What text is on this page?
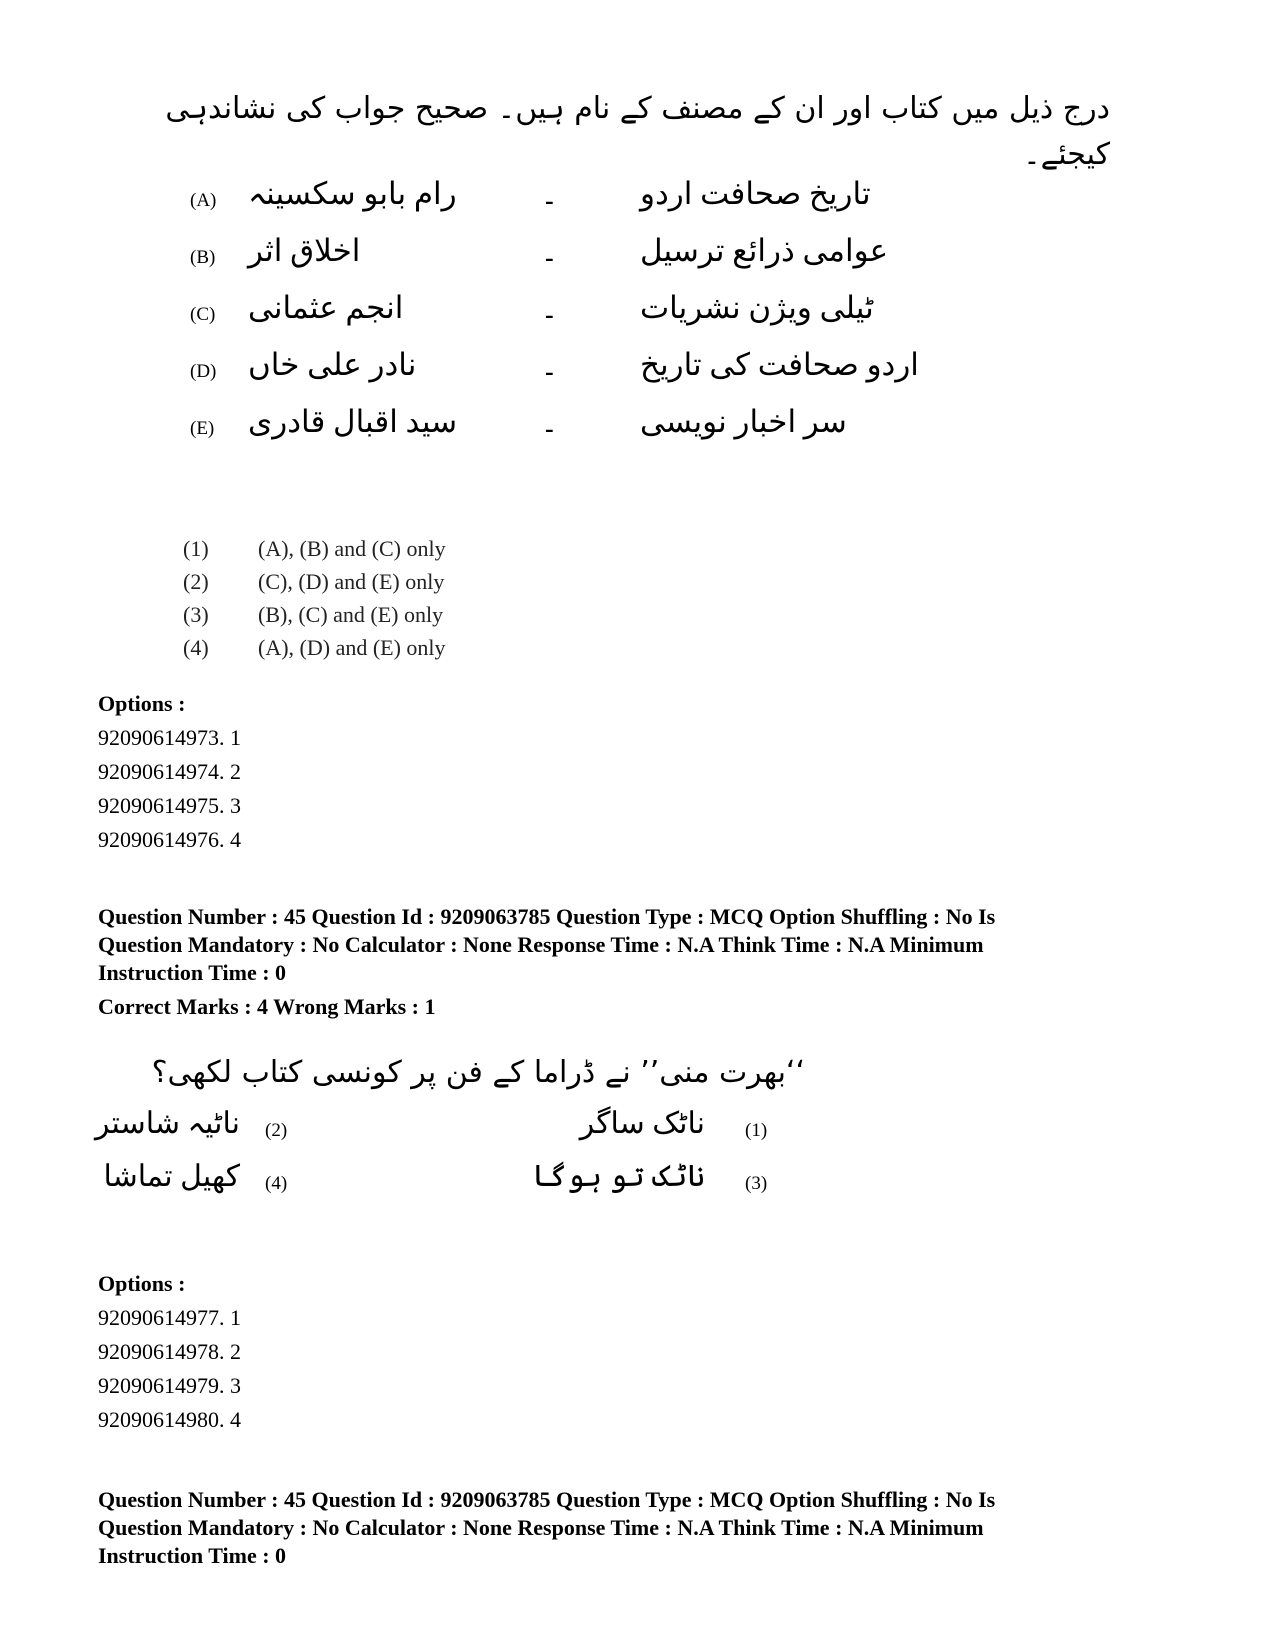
درج ذیل میں کتاب اور ان کے مصنف کے نام ہیں۔ صحیح جواب کی نشاندہی کیجئے۔
(A) رام بابو سکسینہ	-	تاریخ صحافت اردو
(B) اخلاق اثر	-	عوامی ذرائع ترسیل
(C) انجم عثمانی	-	ٹیلی ویژن نشریات
(D) نادر علی خاں	-	اردو صحافت کی تاریخ
(E) سید اقبال قادری	-	سر اخبار نویسی
(1)	(A), (B) and (C) only
(2)	(C), (D) and (E) only
(3)	(B), (C) and (E) only
(4)	(A), (D) and (E) only
Options :
92090614973. 1
92090614974. 2
92090614975. 3
92090614976. 4
Question Number : 45 Question Id : 9209063785 Question Type : MCQ Option Shuffling : No Is
Question Mandatory : No Calculator : None Response Time : N.A Think Time : N.A Minimum
Instruction Time : 0
Correct Marks : 4 Wrong Marks : 1
‘‘بھرت منی’’ نے ڈراما کے فن پر کونسی کتاب لکھی؟
(1)
ناٹک ساگر
(2)
ناٹیہ شاستر
(3)
ناٹک تو ہوگا
(4)
کھیل تماشا
Options :
92090614977. 1
92090614978. 2
92090614979. 3
92090614980. 4
Question Number : 45 Question Id : 9209063785 Question Type : MCQ Option Shuffling : No Is
Question Mandatory : No Calculator : None Response Time : N.A Think Time : N.A Minimum
Instruction Time : 0
